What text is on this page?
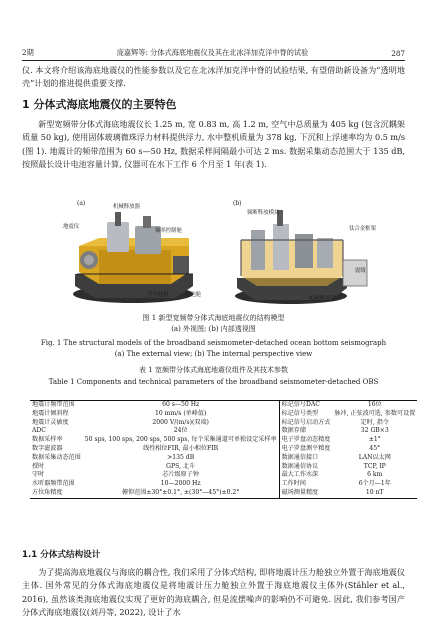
2期	庞嘉辉等: 分体式海底地震仪及其在北冰洋加克洋中脊的试验	287
仪. 本文将介绍该海底地震仪的性能参数以及它在北冰洋加克洋中脊的试验结果, 有望借助新设备为“透明地壳”计划的推进提供重要支撑.
1 分体式海底地震仪的主要特色
新型宽频带分体式海底地震仪长 1.25 m, 宽 0.83 m, 高 1.2 m, 空气中总质量为 405 kg (包含沉耦架质量 50 kg), 使用固体玻璃微珠浮力材料提供浮力, 水中整机质量为 378 kg, 下沉和上浮速率均为 0.5 m/s (图 1). 地震计的频带范围为 60 s—50 Hz, 数据采样间隔最小可达 2 ms. 数据采集动态范围大于 135 dB, 按照最长设计电池容量计算, 仪器可在水下工作 6 个月至 1 年(表 1).
(a)	(b)
机械释放器
地震仪
频率控制舱
浮力材料	电池舱
频断释放模块
钛合金框架
震级
机械释放器
图 1 新型宽频带分体式海底地震仪的结构模型
(a) 外视图; (b) 内部透视图
Fig. 1 The structural models of the broadband seismometer-detached ocean bottom seismograph
(a) The external view; (b) The internal perspective view
表 1 宽频带分体式海底地震仪组件及其技术参数
Table 1 Components and technical parameters of the broadband seismometer-detached OBS
地震计频带范围	60 s—50 Hz	标记信号DAC	16位
地震计倾斜程	10 mm/s (单峰值)	标记信号类型	脉冲, 正弦波可选, 参数可设置
地震计灵敏度	2000 V/(m/s)(双端)	标记信号启动方式	定时, 指令
ADC	24位	数据存储	32 GB×3
数据采样率	50 sps, 100 sps, 200 sps, 500 sps, 每个采集通道可单独设定采样率	电子罗盘动态精度	±1°
数字滤波器	线性相位FIR, 最小相位FIR	电子罗盘测平精度	45°
数据采集动态范围	>135 dB	数据通信接口	LAN以太网
授时	GPS, 北斗	数据通信协议	TCP, IP
守时	芯片级原子钟	最大工作水深	6 km
水听器频带范围	10—2000 Hz	工作时间	6个月—1年
方位角精度	俯仰范围±30°±0.1°, ±(30°—45°)±0.2°	磁场测量精度	10 nT
1.1 分体式结构设计
为了提高海底地震仪与海底的耦合性, 我们采用了分体式结构, 即将地震计压力舱独立外置于海底地震仪主体. 国外常见的分体式海底地震仪是将地震计压力舱独立外置于海底地震仪主体外(Stähler et al., 2016), 虽然该类海底地震仪实现了更好的海底耦合, 但是流摆噪声的影响仍不可避免. 因此, 我们参考国产分体式海底地震仪(刘丹等, 2022), 设计了水
